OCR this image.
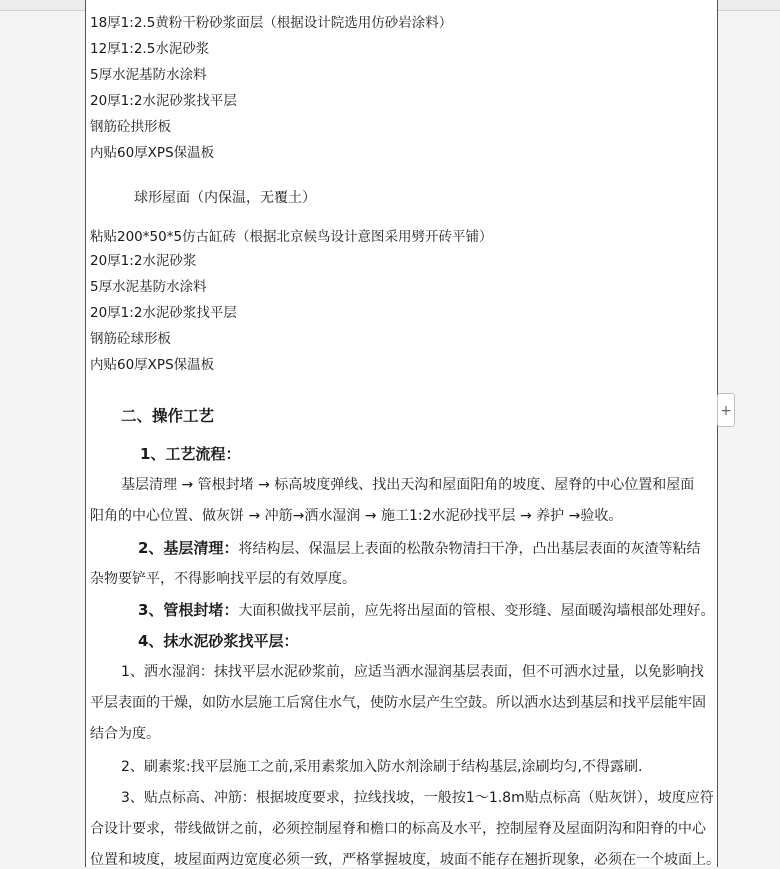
18厚1:2.5黄粉干粉砂浆面层（根据设计院选用仿砂岩涂料）
12厚1:2.5水泥砂浆
5厚水泥基防水涂料
20厚1:2水泥砂浆找平层
钢筋砼拱形板
内贴60厚XPS保温板
球形屋面（内保温，无覆土）
粘贴200*50*5仿古缸砖（根据北京候鸟设计意图采用劈开砖平铺）
20厚1:2水泥砂浆
5厚水泥基防水涂料
20厚1:2水泥砂浆找平层
钢筋砼球形板
内贴60厚XPS保温板
二、操作工艺
1、工艺流程：
基层清理 → 管根封堵 → 标高坡度弹线、找出天沟和屋面阳角的坡度、屋脊的中心位置和屋面
阳角的中心位置、做灰饼 → 冲筋→洒水湿润 → 施工1:2水泥砂找平层 → 养护 →验收。
2、基层清理：将结构层、保温层上表面的松散杂物清扫干净，凸出基层表面的灰渣等粘结
杂物要铲平，不得影响找平层的有效厚度。
3、管根封堵：大面积做找平层前，应先将出屋面的管根、变形缝、屋面暖沟墙根部处理好。
4、抹水泥砂浆找平层：
1、洒水湿润：抹找平层水泥砂浆前，应适当洒水湿润基层表面，但不可洒水过量，以免影响找
平层表面的干燥，如防水层施工后窝住水气，使防水层产生空鼓。所以洒水达到基层和找平层能牢固
结合为度。
2、刷素浆:找平层施工之前,采用素浆加入防水剂涂刷于结构基层,涂刷均匀,不得露刷.
3、贴点标高、冲筋：根据坡度要求，拉线找坡，一般按1～1.8m贴点标高（贴灰饼），坡度应符
合设计要求，带线做饼之前，必须控制屋脊和檐口的标高及水平，控制屋脊及屋面阴沟和阳脊的中心
位置和坡度，坡屋面两边宽度必须一致，严格掌握坡度，坡面不能存在翘折现象，必须在一个坡面上。
+
